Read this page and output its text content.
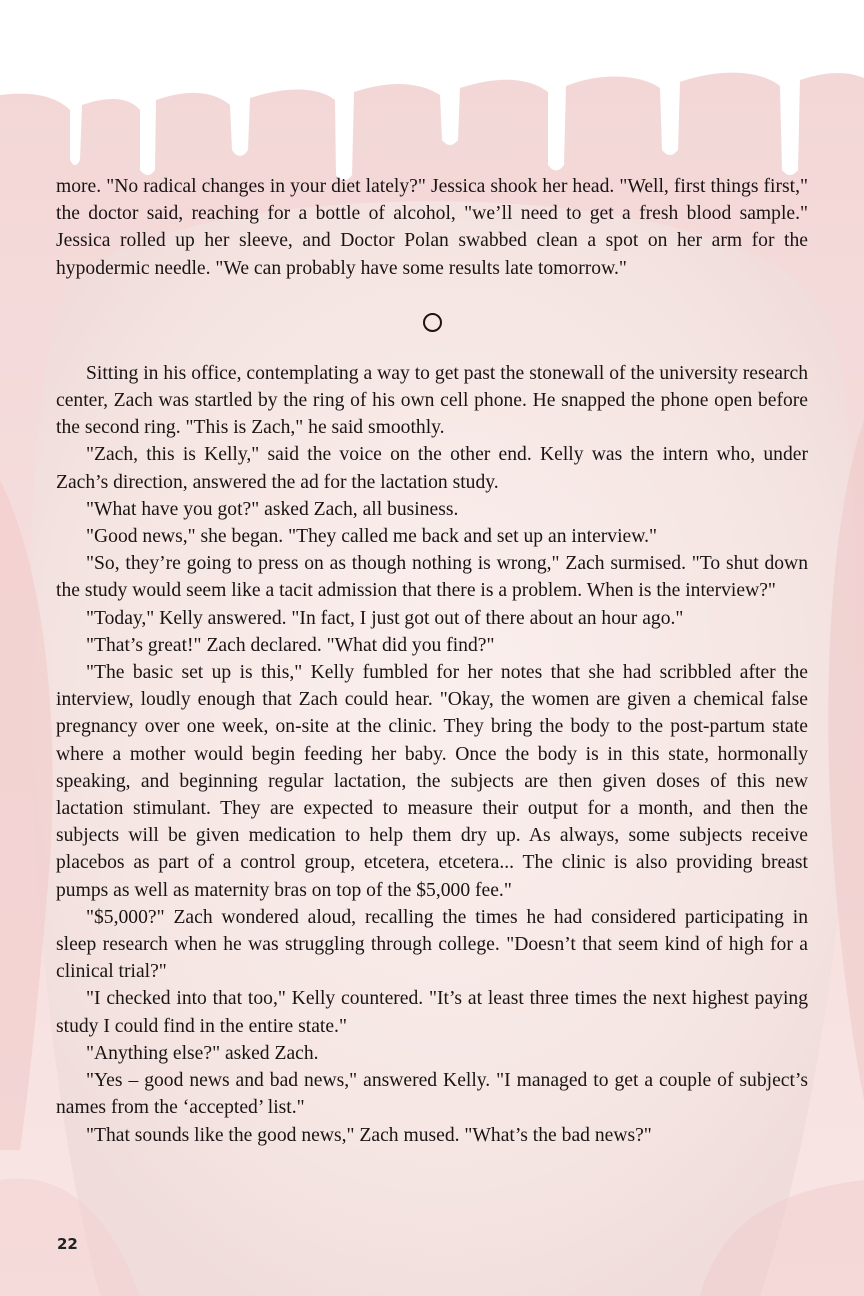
more. "No radical changes in your diet lately?" Jessica shook her head. "Well, first things first," the doctor said, reaching for a bottle of alcohol, "we’ll need to get a fresh blood sample." Jessica rolled up her sleeve, and Doctor Polan swabbed clean a spot on her arm for the hypodermic needle. "We can probably have some results late tomorrow."

Sitting in his office, contemplating a way to get past the stonewall of the university research center, Zach was startled by the ring of his own cell phone. He snapped the phone open before the second ring. "This is Zach," he said smoothly.

"Zach, this is Kelly," said the voice on the other end. Kelly was the intern who, under Zach’s direction, answered the ad for the lactation study.

"What have you got?" asked Zach, all business.

"Good news," she began. "They called me back and set up an interview."

"So, they’re going to press on as though nothing is wrong," Zach surmised. "To shut down the study would seem like a tacit admission that there is a problem. When is the interview?"

"Today," Kelly answered. "In fact, I just got out of there about an hour ago."

"That’s great!" Zach declared. "What did you find?"

"The basic set up is this," Kelly fumbled for her notes that she had scribbled after the interview, loudly enough that Zach could hear. "Okay, the women are given a chemical false pregnancy over one week, on-site at the clinic. They bring the body to the post-partum state where a mother would begin feeding her baby. Once the body is in this state, hormonally speaking, and beginning regular lactation, the subjects are then given doses of this new lactation stimulant. They are expected to measure their output for a month, and then the subjects will be given medication to help them dry up. As always, some subjects receive placebos as part of a control group, etcetera, etcetera... The clinic is also providing breast pumps as well as maternity bras on top of the $5,000 fee."

"$5,000?" Zach wondered aloud, recalling the times he had considered participating in sleep research when he was struggling through college. "Doesn’t that seem kind of high for a clinical trial?"

"I checked into that too," Kelly countered. "It’s at least three times the next highest paying study I could find in the entire state."

"Anything else?" asked Zach.

"Yes – good news and bad news," answered Kelly. "I managed to get a couple of subject’s names from the ‘accepted’ list."

"That sounds like the good news," Zach mused. "What’s the bad news?"

22
